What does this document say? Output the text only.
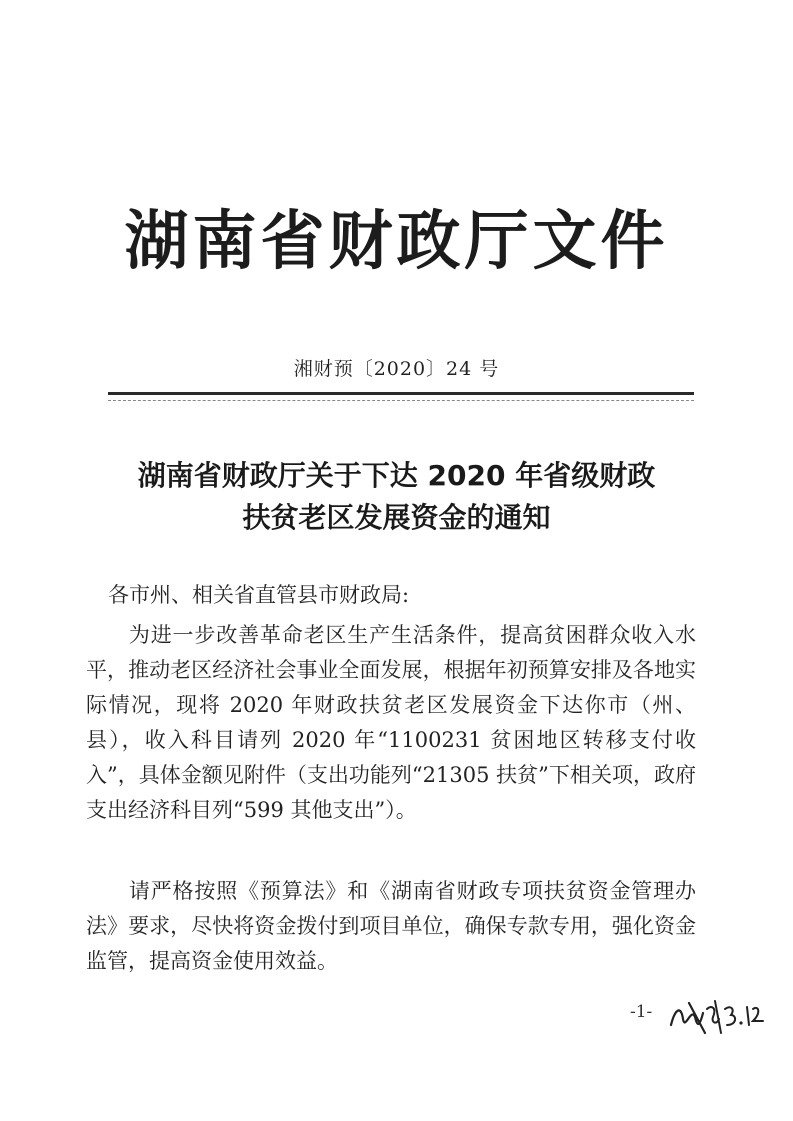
湖南省财政厅文件
湘财预〔2020〕24 号
湖南省财政厅关于下达 2020 年省级财政
扶贫老区发展资金的通知
各市州、相关省直管县市财政局:
为进一步改善革命老区生产生活条件，提高贫困群众收入水平，推动老区经济社会事业全面发展，根据年初预算安排及各地实际情况，现将 2020 年财政扶贫老区发展资金下达你市（州、县），收入科目请列 2020 年“1100231 贫困地区转移支付收入”，具体金额见附件（支出功能列“21305 扶贫”下相关项，政府支出经济科目列“599 其他支出”）。
请严格按照《预算法》和《湖南省财政专项扶贫资金管理办法》要求，尽快将资金拨付到项目单位，确保专款专用，强化资金监管，提高资金使用效益。
-1-
